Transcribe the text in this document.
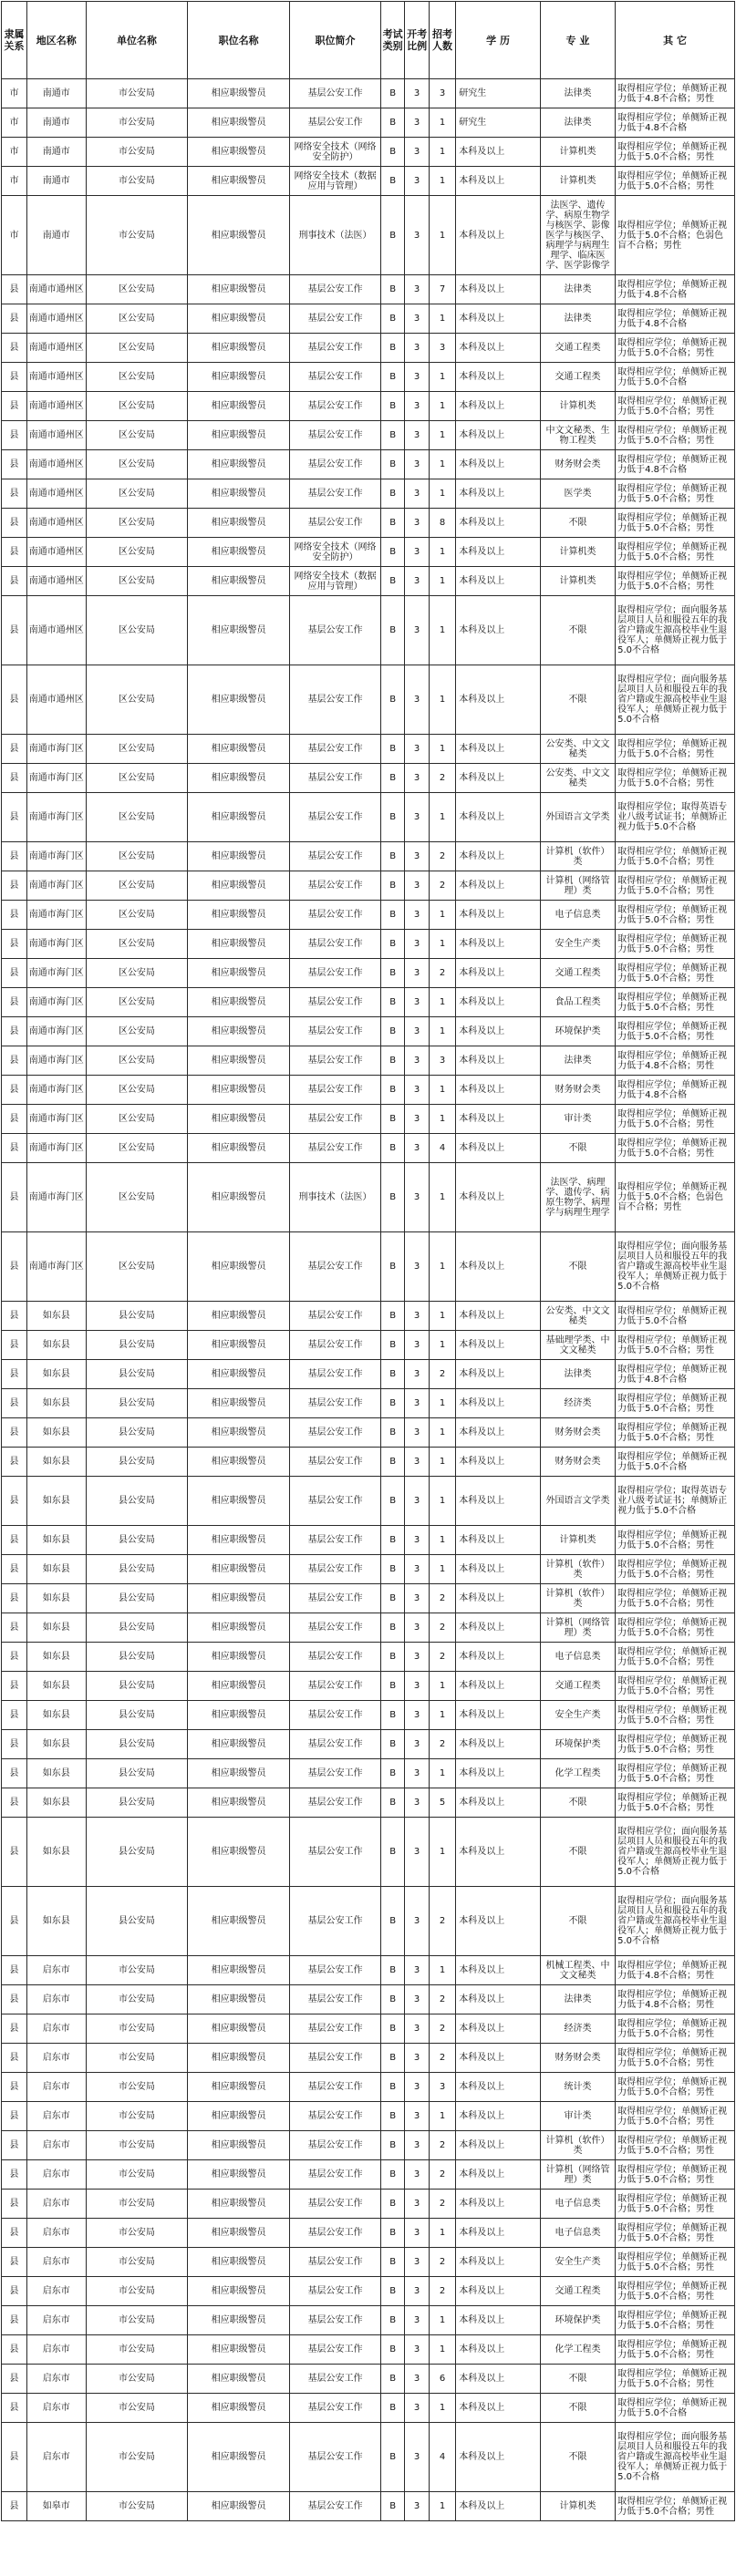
隶属关系	地区名称	单位名称	职位名称	职位简介	考试类别	开考比例	招考人数	学 历	专 业	其 它
市	南通市	市公安局	相应职级警员	基层公安工作	B	3	3	研究生	法律类	取得相应学位；单侧矫正视力低于4.8不合格；男性
市	南通市	市公安局	相应职级警员	基层公安工作	B	3	1	研究生	法律类	取得相应学位；单侧矫正视力低于4.8不合格
市	南通市	市公安局	相应职级警员	网络安全技术（网络安全防护）	B	3	1	本科及以上	计算机类	取得相应学位；单侧矫正视力低于5.0不合格；男性
市	南通市	市公安局	相应职级警员	网络安全技术（数据应用与管理）	B	3	1	本科及以上	计算机类	取得相应学位；单侧矫正视力低于5.0不合格；男性
市	南通市	市公安局	相应职级警员	刑事技术（法医）	B	3	1	本科及以上	法医学、遗传学、病原生物学与核医学、影像医学与核医学、病理学与病理生理学、临床医学、医学影像学	取得相应学位；单侧矫正视力低于5.0不合格；色弱色盲不合格；男性
县	南通市通州区	区公安局	相应职级警员	基层公安工作	B	3	7	本科及以上	法律类	取得相应学位；单侧矫正视力低于4.8不合格
县	南通市通州区	区公安局	相应职级警员	基层公安工作	B	3	1	本科及以上	法律类	取得相应学位；单侧矫正视力低于4.8不合格
县	南通市通州区	区公安局	相应职级警员	基层公安工作	B	3	3	本科及以上	交通工程类	取得相应学位；单侧矫正视力低于5.0不合格；男性
县	南通市通州区	区公安局	相应职级警员	基层公安工作	B	3	1	本科及以上	交通工程类	取得相应学位；单侧矫正视力低于5.0不合格
县	南通市通州区	区公安局	相应职级警员	基层公安工作	B	3	1	本科及以上	计算机类	取得相应学位；单侧矫正视力低于5.0不合格；男性
县	南通市通州区	区公安局	相应职级警员	基层公安工作	B	3	1	本科及以上	中文文秘类、生物工程类	取得相应学位；单侧矫正视力低于5.0不合格；男性
县	南通市通州区	区公安局	相应职级警员	基层公安工作	B	3	1	本科及以上	财务财会类	取得相应学位；单侧矫正视力低于4.8不合格
县	南通市通州区	区公安局	相应职级警员	基层公安工作	B	3	1	本科及以上	医学类	取得相应学位；单侧矫正视力低于5.0不合格；男性
县	南通市通州区	区公安局	相应职级警员	基层公安工作	B	3	8	本科及以上	不限	取得相应学位；单侧矫正视力低于5.0不合格；男性
县	南通市通州区	区公安局	相应职级警员	网络安全技术（网络安全防护）	B	3	1	本科及以上	计算机类	取得相应学位；单侧矫正视力低于5.0不合格；男性
县	南通市通州区	区公安局	相应职级警员	网络安全技术（数据应用与管理）	B	3	1	本科及以上	计算机类	取得相应学位；单侧矫正视力低于5.0不合格；男性
县	南通市通州区	区公安局	相应职级警员	基层公安工作	B	3	1	本科及以上	不限	取得相应学位；面向服务基层项目人员和服役五年的我省户籍或生源高校毕业生退役军人；单侧矫正视力低于5.0不合格
县	南通市通州区	区公安局	相应职级警员	基层公安工作	B	3	1	本科及以上	不限	取得相应学位；面向服务基层项目人员和服役五年的我省户籍或生源高校毕业生退役军人；单侧矫正视力低于5.0不合格
县	南通市海门区	区公安局	相应职级警员	基层公安工作	B	3	1	本科及以上	公安类、中文文秘类	取得相应学位；单侧矫正视力低于5.0不合格；男性
县	南通市海门区	区公安局	相应职级警员	基层公安工作	B	3	2	本科及以上	公安类、中文文秘类	取得相应学位；单侧矫正视力低于5.0不合格；男性
县	南通市海门区	区公安局	相应职级警员	基层公安工作	B	3	1	本科及以上	外国语言文学类	取得相应学位；取得英语专业八级考试证书；单侧矫正视力低于5.0不合格
县	南通市海门区	区公安局	相应职级警员	基层公安工作	B	3	2	本科及以上	计算机（软件）类	取得相应学位；单侧矫正视力低于5.0不合格；男性
县	南通市海门区	区公安局	相应职级警员	基层公安工作	B	3	2	本科及以上	计算机（网络管理）类	取得相应学位；单侧矫正视力低于5.0不合格；男性
县	南通市海门区	区公安局	相应职级警员	基层公安工作	B	3	1	本科及以上	电子信息类	取得相应学位；单侧矫正视力低于5.0不合格；男性
县	南通市海门区	区公安局	相应职级警员	基层公安工作	B	3	1	本科及以上	安全生产类	取得相应学位；单侧矫正视力低于5.0不合格；男性
县	南通市海门区	区公安局	相应职级警员	基层公安工作	B	3	2	本科及以上	交通工程类	取得相应学位；单侧矫正视力低于5.0不合格；男性
县	南通市海门区	区公安局	相应职级警员	基层公安工作	B	3	1	本科及以上	食品工程类	取得相应学位；单侧矫正视力低于5.0不合格；男性
县	南通市海门区	区公安局	相应职级警员	基层公安工作	B	3	1	本科及以上	环境保护类	取得相应学位；单侧矫正视力低于5.0不合格；男性
县	南通市海门区	区公安局	相应职级警员	基层公安工作	B	3	3	本科及以上	法律类	取得相应学位；单侧矫正视力低于4.8不合格；男性
县	南通市海门区	区公安局	相应职级警员	基层公安工作	B	3	1	本科及以上	财务财会类	取得相应学位；单侧矫正视力低于4.8不合格
县	南通市海门区	区公安局	相应职级警员	基层公安工作	B	3	1	本科及以上	审计类	取得相应学位；单侧矫正视力低于5.0不合格；男性
县	南通市海门区	区公安局	相应职级警员	基层公安工作	B	3	4	本科及以上	不限	取得相应学位；单侧矫正视力低于5.0不合格；男性
县	南通市海门区	区公安局	相应职级警员	刑事技术（法医）	B	3	1	本科及以上	法医学、病理学、遗传学、病原生物学、病理学与病理生理学	取得相应学位；单侧矫正视力低于5.0不合格；色弱色盲不合格；男性
县	南通市海门区	区公安局	相应职级警员	基层公安工作	B	3	1	本科及以上	不限	取得相应学位；面向服务基层项目人员和服役五年的我省户籍或生源高校毕业生退役军人；单侧矫正视力低于5.0不合格
县	如东县	县公安局	相应职级警员	基层公安工作	B	3	1	本科及以上	公安类、中文文秘类	取得相应学位；单侧矫正视力低于5.0不合格
县	如东县	县公安局	相应职级警员	基层公安工作	B	3	1	本科及以上	基础理学类、中文文秘类	取得相应学位；单侧矫正视力低于5.0不合格；男性
县	如东县	县公安局	相应职级警员	基层公安工作	B	3	2	本科及以上	法律类	取得相应学位；单侧矫正视力低于4.8不合格
县	如东县	县公安局	相应职级警员	基层公安工作	B	3	1	本科及以上	经济类	取得相应学位；单侧矫正视力低于5.0不合格；男性
县	如东县	县公安局	相应职级警员	基层公安工作	B	3	1	本科及以上	财务财会类	取得相应学位；单侧矫正视力低于5.0不合格；男性
县	如东县	县公安局	相应职级警员	基层公安工作	B	3	1	本科及以上	财务财会类	取得相应学位；单侧矫正视力低于5.0不合格
县	如东县	县公安局	相应职级警员	基层公安工作	B	3	1	本科及以上	外国语言文学类	取得相应学位；取得英语专业八级考试证书；单侧矫正视力低于5.0不合格
县	如东县	县公安局	相应职级警员	基层公安工作	B	3	1	本科及以上	计算机类	取得相应学位；单侧矫正视力低于5.0不合格；男性
县	如东县	县公安局	相应职级警员	基层公安工作	B	3	1	本科及以上	计算机（软件）类	取得相应学位；单侧矫正视力低于5.0不合格；男性
县	如东县	县公安局	相应职级警员	基层公安工作	B	3	2	本科及以上	计算机（软件）类	取得相应学位；单侧矫正视力低于5.0不合格；男性
县	如东县	县公安局	相应职级警员	基层公安工作	B	3	2	本科及以上	计算机（网络管理）类	取得相应学位；单侧矫正视力低于5.0不合格；男性
县	如东县	县公安局	相应职级警员	基层公安工作	B	3	2	本科及以上	电子信息类	取得相应学位；单侧矫正视力低于5.0不合格；男性
县	如东县	县公安局	相应职级警员	基层公安工作	B	3	1	本科及以上	交通工程类	取得相应学位；单侧矫正视力低于5.0不合格；男性
县	如东县	县公安局	相应职级警员	基层公安工作	B	3	1	本科及以上	安全生产类	取得相应学位；单侧矫正视力低于5.0不合格；男性
县	如东县	县公安局	相应职级警员	基层公安工作	B	3	2	本科及以上	环境保护类	取得相应学位；单侧矫正视力低于5.0不合格；男性
县	如东县	县公安局	相应职级警员	基层公安工作	B	3	1	本科及以上	化学工程类	取得相应学位；单侧矫正视力低于5.0不合格；男性
县	如东县	县公安局	相应职级警员	基层公安工作	B	3	5	本科及以上	不限	取得相应学位；单侧矫正视力低于5.0不合格；男性
县	如东县	县公安局	相应职级警员	基层公安工作	B	3	1	本科及以上	不限	取得相应学位；面向服务基层项目人员和服役五年的我省户籍或生源高校毕业生退役军人；单侧矫正视力低于5.0不合格
县	如东县	县公安局	相应职级警员	基层公安工作	B	3	2	本科及以上	不限	取得相应学位；面向服务基层项目人员和服役五年的我省户籍或生源高校毕业生退役军人；单侧矫正视力低于5.0不合格
县	启东市	市公安局	相应职级警员	基层公安工作	B	3	1	本科及以上	机械工程类、中文文秘类	取得相应学位；单侧矫正视力低于4.8不合格；男性
县	启东市	市公安局	相应职级警员	基层公安工作	B	3	2	本科及以上	法律类	取得相应学位；单侧矫正视力低于4.8不合格；男性
县	启东市	市公安局	相应职级警员	基层公安工作	B	3	2	本科及以上	经济类	取得相应学位；单侧矫正视力低于5.0不合格；男性
县	启东市	市公安局	相应职级警员	基层公安工作	B	3	2	本科及以上	财务财会类	取得相应学位；单侧矫正视力低于5.0不合格；男性
县	启东市	市公安局	相应职级警员	基层公安工作	B	3	3	本科及以上	统计类	取得相应学位；单侧矫正视力低于5.0不合格；男性
县	启东市	市公安局	相应职级警员	基层公安工作	B	3	1	本科及以上	审计类	取得相应学位；单侧矫正视力低于5.0不合格；男性
县	启东市	市公安局	相应职级警员	基层公安工作	B	3	2	本科及以上	计算机（软件）类	取得相应学位；单侧矫正视力低于5.0不合格；男性
县	启东市	市公安局	相应职级警员	基层公安工作	B	3	2	本科及以上	计算机（网络管理）类	取得相应学位；单侧矫正视力低于5.0不合格；男性
县	启东市	市公安局	相应职级警员	基层公安工作	B	3	2	本科及以上	电子信息类	取得相应学位；单侧矫正视力低于5.0不合格；男性
县	启东市	市公安局	相应职级警员	基层公安工作	B	3	1	本科及以上	电子信息类	取得相应学位；单侧矫正视力低于5.0不合格；男性
县	启东市	市公安局	相应职级警员	基层公安工作	B	3	2	本科及以上	安全生产类	取得相应学位；单侧矫正视力低于5.0不合格；男性
县	启东市	市公安局	相应职级警员	基层公安工作	B	3	2	本科及以上	交通工程类	取得相应学位；单侧矫正视力低于5.0不合格；男性
县	启东市	市公安局	相应职级警员	基层公安工作	B	3	1	本科及以上	环境保护类	取得相应学位；单侧矫正视力低于5.0不合格；男性
县	启东市	市公安局	相应职级警员	基层公安工作	B	3	1	本科及以上	化学工程类	取得相应学位；单侧矫正视力低于5.0不合格；男性
县	启东市	市公安局	相应职级警员	基层公安工作	B	3	6	本科及以上	不限	取得相应学位；单侧矫正视力低于5.0不合格；男性
县	启东市	市公安局	相应职级警员	基层公安工作	B	3	1	本科及以上	不限	取得相应学位；单侧矫正视力低于5.0不合格
县	启东市	市公安局	相应职级警员	基层公安工作	B	3	4	本科及以上	不限	取得相应学位；面向服务基层项目人员和服役五年的我省户籍或生源高校毕业生退役军人；单侧矫正视力低于5.0不合格
县	如皋市	市公安局	相应职级警员	基层公安工作	B	3	1	本科及以上	计算机类	取得相应学位；单侧矫正视力低于5.0不合格；男性
